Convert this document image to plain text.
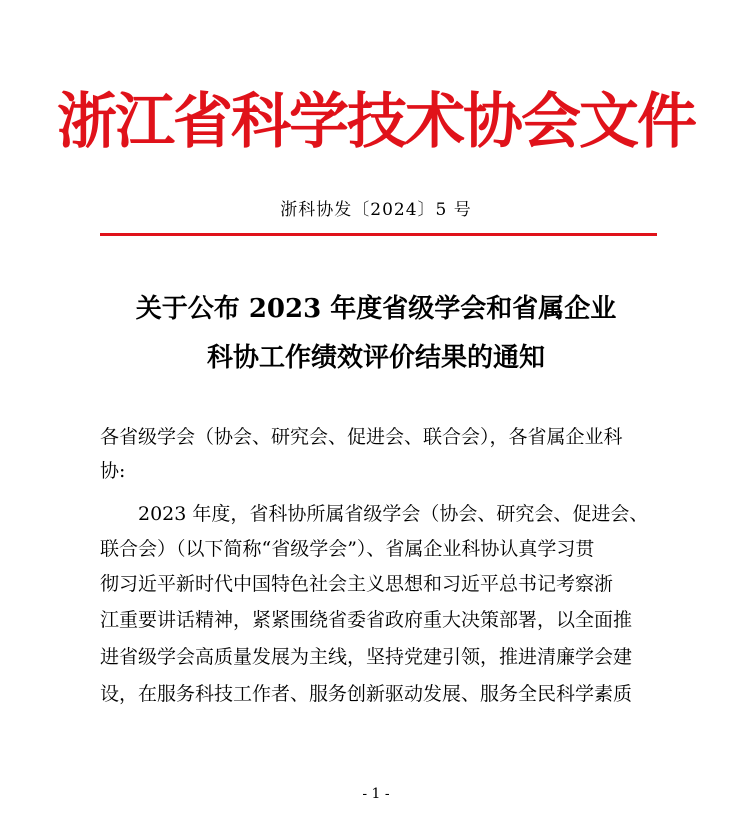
浙江省科学技术协会文件
浙科协发〔2024〕5 号
关于公布 2023 年度省级学会和省属企业
科协工作绩效评价结果的通知
各省级学会（协会、研究会、促进会、联合会），各省属企业科
协:
　　2023 年度，省科协所属省级学会（协会、研究会、促进会、
联合会）（以下简称“省级学会”）、省属企业科协认真学习贯
彻习近平新时代中国特色社会主义思想和习近平总书记考察浙
江重要讲话精神，紧紧围绕省委省政府重大决策部署，以全面推
进省级学会高质量发展为主线，坚持党建引领，推进清廉学会建
设，在服务科技工作者、服务创新驱动发展、服务全民科学素质
- 1 -
